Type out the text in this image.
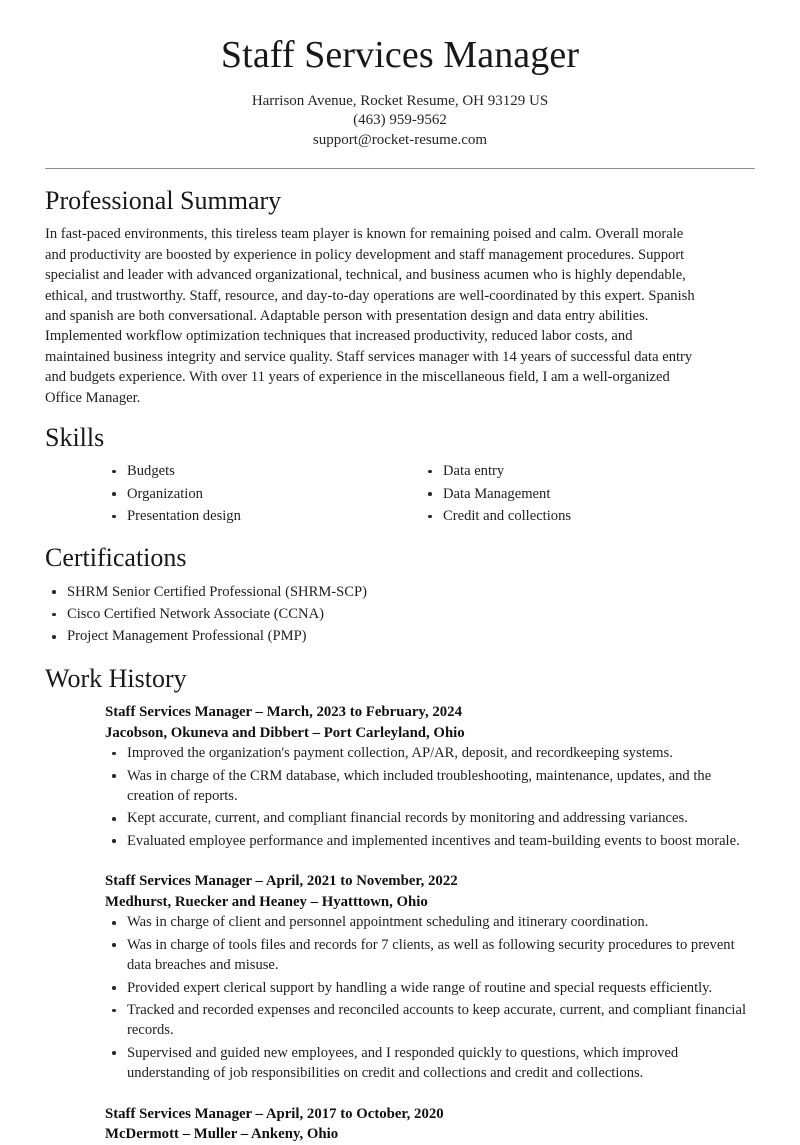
Staff Services Manager

Harrison Avenue, Rocket Resume, OH 93129 US

(463) 959-9562

support@rocket-resume.com

Professional Summary

In fast-paced environments, this tireless team player is known for remaining poised and calm. Overall morale and productivity are boosted by experience in policy development and staff management procedures. Support specialist and leader with advanced organizational, technical, and business acumen who is highly dependable, ethical, and trustworthy. Staff, resource, and day-to-day operations are well-coordinated by this expert. Spanish and spanish are both conversational. Adaptable person with presentation design and data entry abilities. Implemented workflow optimization techniques that increased productivity, reduced labor costs, and maintained business integrity and service quality. Staff services manager with 14 years of successful data entry and budgets experience. With over 11 years of experience in the miscellaneous field, I am a well-organized Office Manager.

Skills
Budgets
Organization
Presentation design
Data entry
Data Management
Credit and collections
Certifications
SHRM Senior Certified Professional (SHRM-SCP)
Cisco Certified Network Associate (CCNA)
Project Management Professional (PMP)
Work History

Staff Services Manager – March, 2023 to February, 2024

Jacobson, Okuneva and Dibbert – Port Carleyland, Ohio

Improved the organization's payment collection, AP/AR, deposit, and recordkeeping systems.
Was in charge of the CRM database, which included troubleshooting, maintenance, updates, and the creation of reports.
Kept accurate, current, and compliant financial records by monitoring and addressing variances.
Evaluated employee performance and implemented incentives and team-building events to boost morale.

Staff Services Manager – April, 2021 to November, 2022

Medhurst, Ruecker and Heaney – Hyatttown, Ohio

Was in charge of client and personnel appointment scheduling and itinerary coordination.
Was in charge of tools files and records for 7 clients, as well as following security procedures to prevent data breaches and misuse.
Provided expert clerical support by handling a wide range of routine and special requests efficiently.
Tracked and recorded expenses and reconciled accounts to keep accurate, current, and compliant financial records.
Supervised and guided new employees, and I responded quickly to questions, which improved understanding of job responsibilities on credit and collections and credit and collections.

Staff Services Manager – April, 2017 to October, 2020

McDermott – Muller – Ankeny, Ohio
